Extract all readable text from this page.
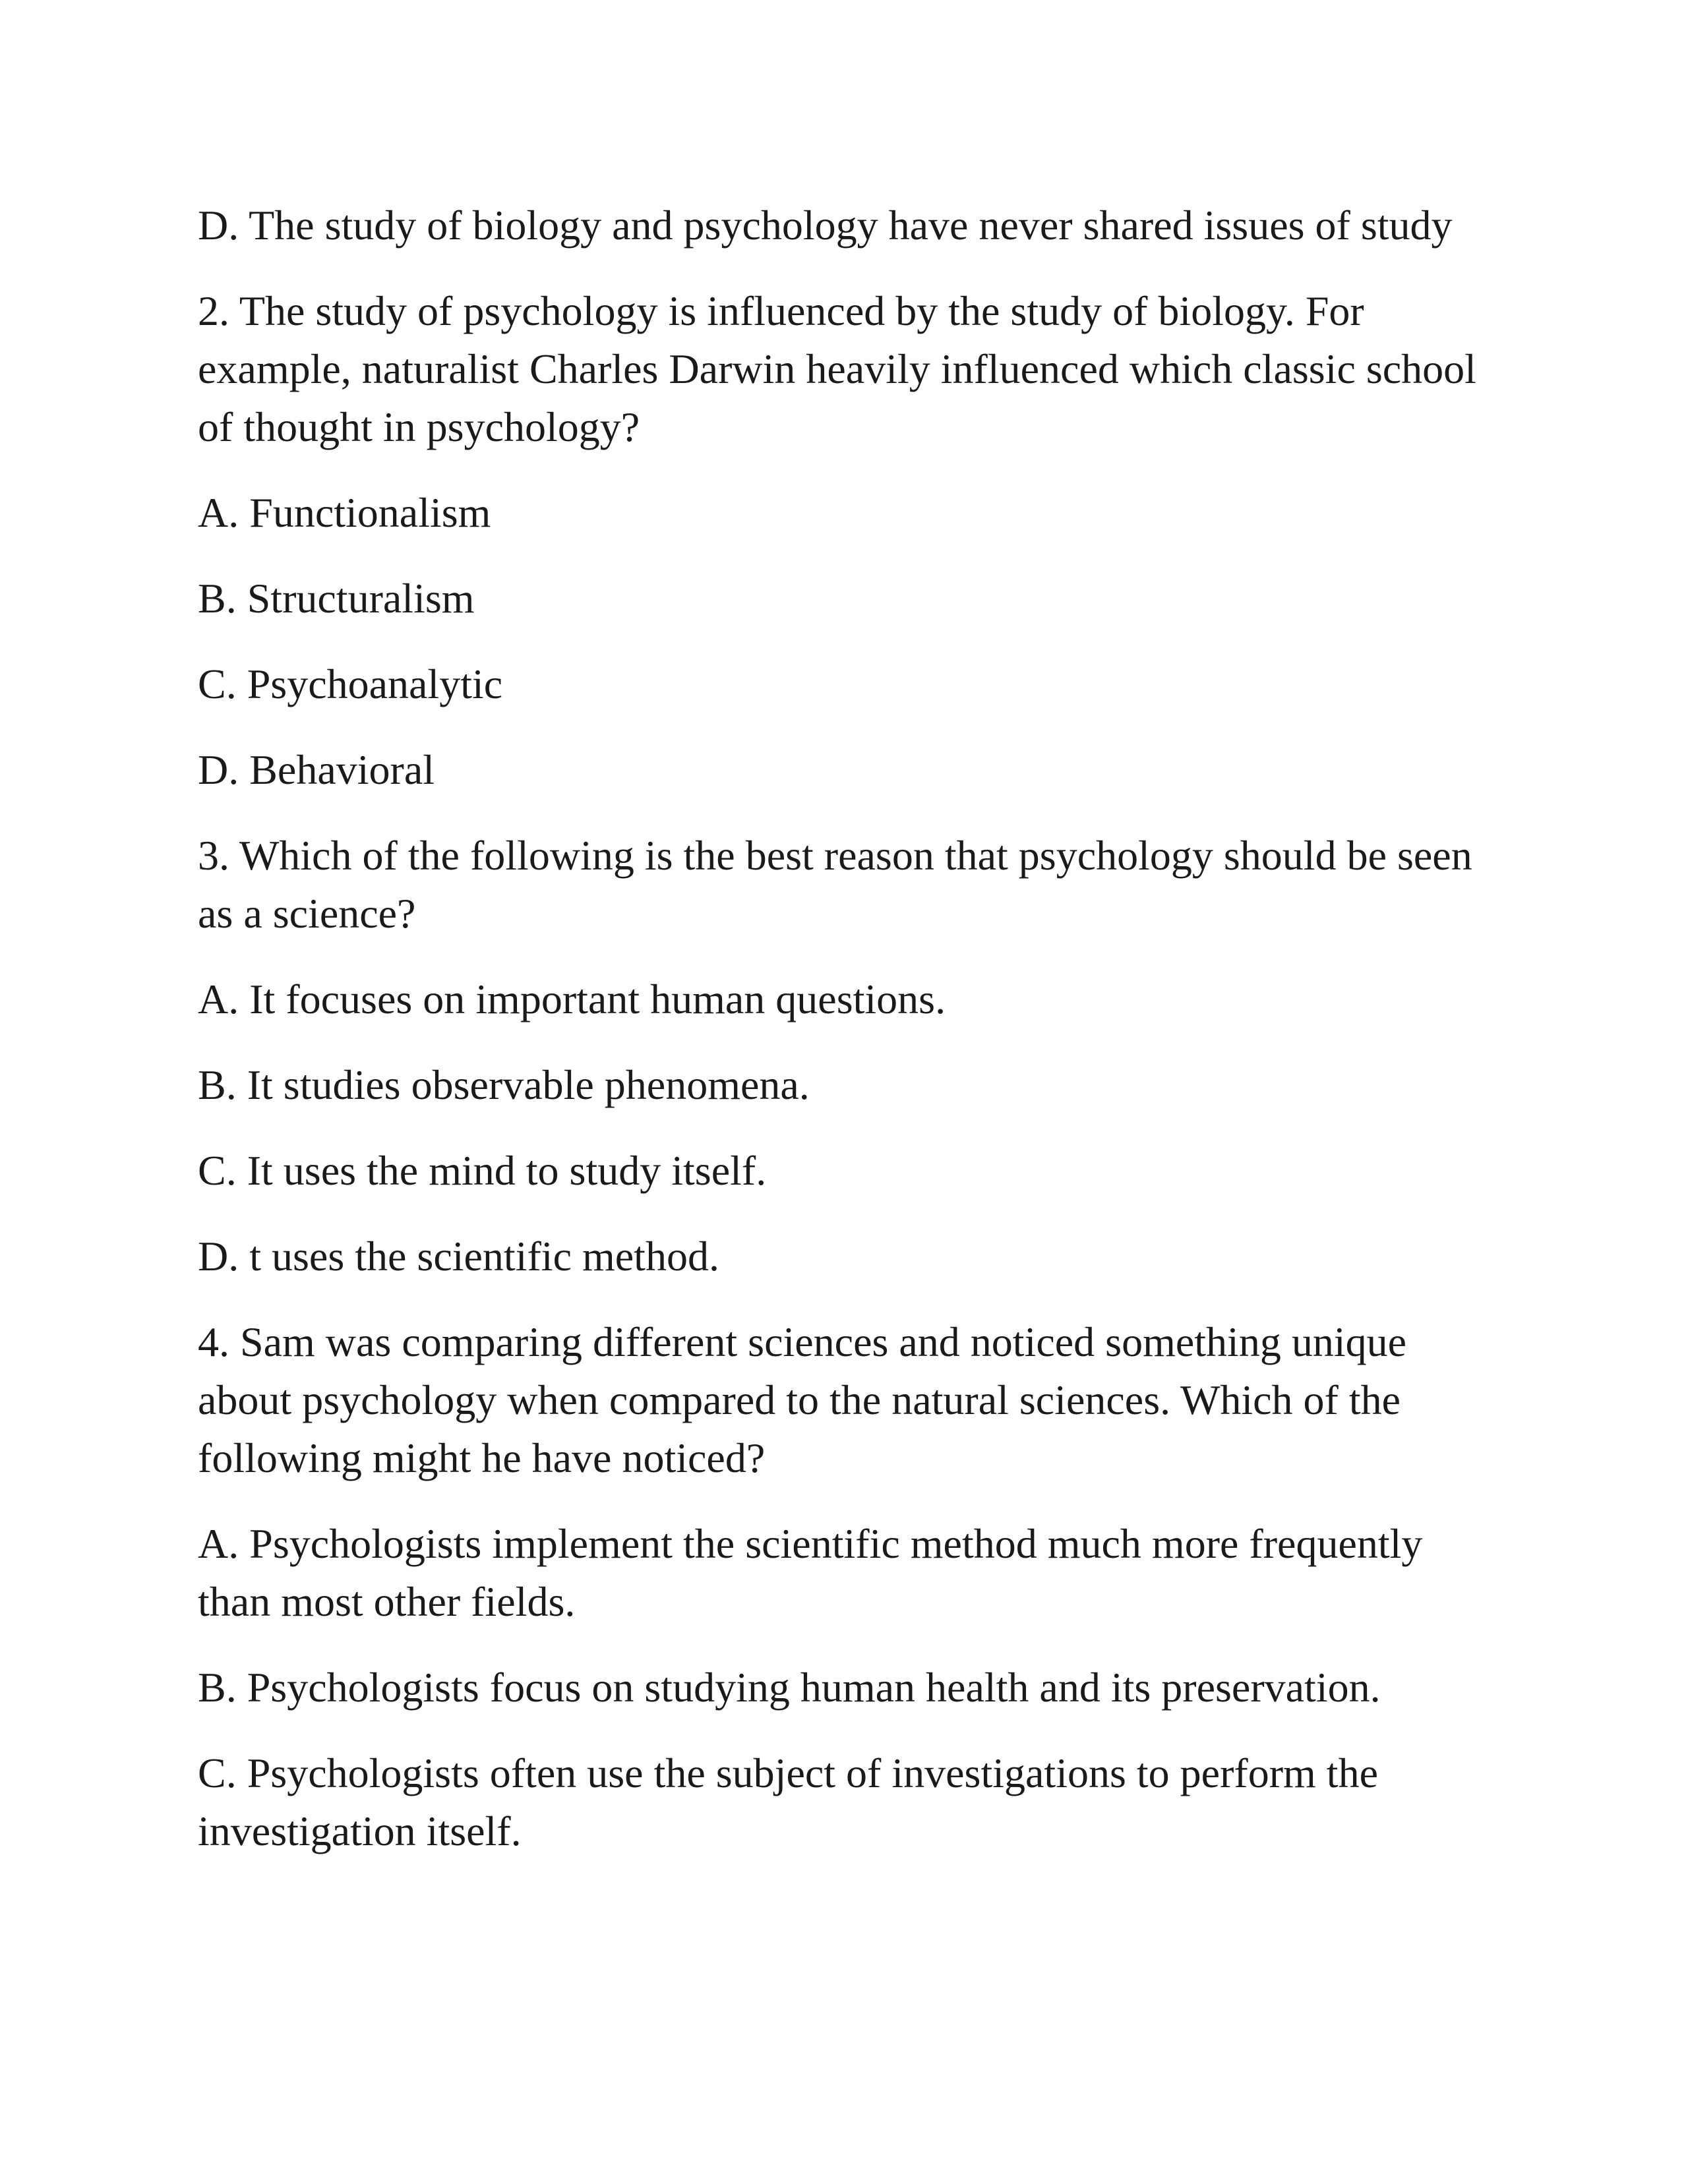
D. The study of biology and psychology have never shared issues of study

2. The study of psychology is influenced by the study of biology. For example, naturalist Charles Darwin heavily influenced which classic school of thought in psychology?

A. Functionalism

B. Structuralism

C. Psychoanalytic

D. Behavioral

3. Which of the following is the best reason that psychology should be seen as a science?

A. It focuses on important human questions.

B. It studies observable phenomena.

C. It uses the mind to study itself.

D. t uses the scientific method.

4. Sam was comparing different sciences and noticed something unique about psychology when compared to the natural sciences. Which of the following might he have noticed?

A. Psychologists implement the scientific method much more frequently than most other fields.

B. Psychologists focus on studying human health and its preservation.

C. Psychologists often use the subject of investigations to perform the investigation itself.
